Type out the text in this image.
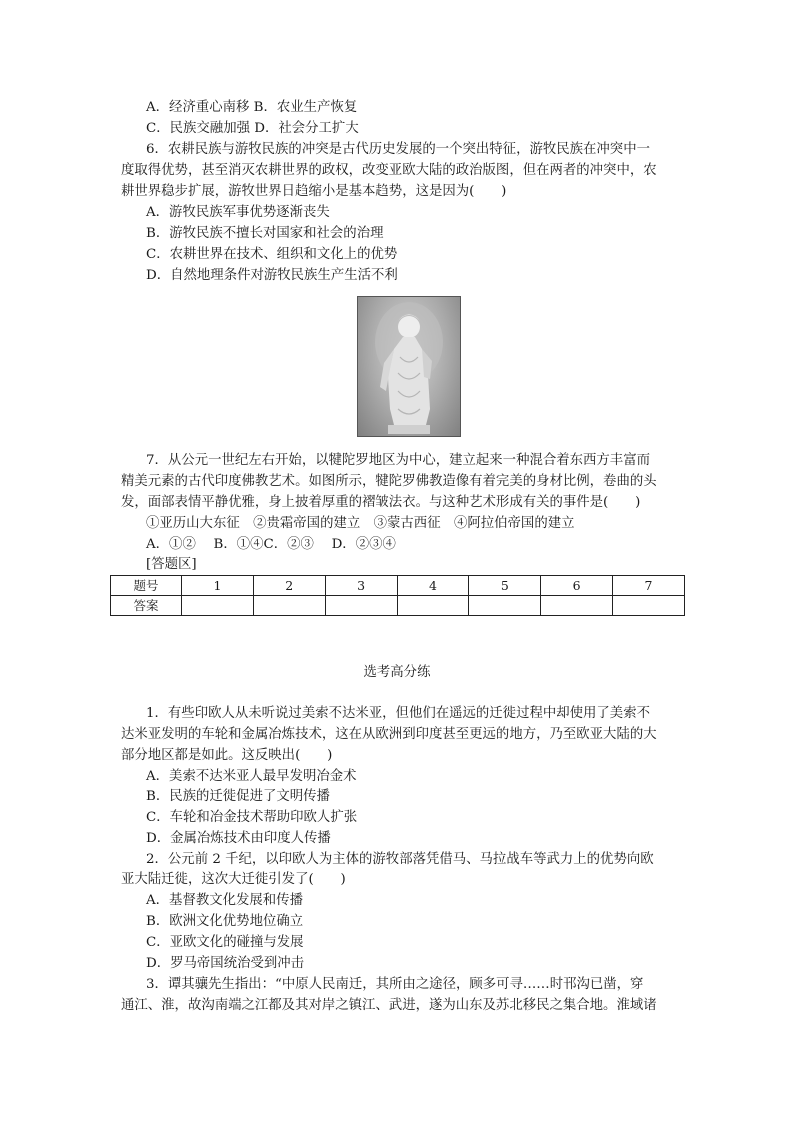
A．经济重心南移 B．农业生产恢复
C．民族交融加强 D．社会分工扩大
6．农耕民族与游牧民族的冲突是古代历史发展的一个突出特征，游牧民族在冲突中一
度取得优势，甚至消灭农耕世界的政权，改变亚欧大陆的政治版图，但在两者的冲突中，农
耕世界稳步扩展，游牧世界日趋缩小是基本趋势，这是因为(　　)
A．游牧民族军事优势逐渐丧失
B．游牧民族不擅长对国家和社会的治理
C．农耕世界在技术、组织和文化上的优势
D．自然地理条件对游牧民族生产生活不利
7．从公元一世纪左右开始，以犍陀罗地区为中心，建立起来一种混合着东西方丰富而
精美元素的古代印度佛教艺术。如图所示，犍陀罗佛教造像有着完美的身材比例，卷曲的头
发，面部表情平静优雅，身上披着厚重的褶皱法衣。与这种艺术形成有关的事件是(　　)
①亚历山大东征　②贵霜帝国的建立　③蒙古西征　④阿拉伯帝国的建立
A．①②　 B．①④C．②③　 D．②③④
[答题区]
题号	1	2	3	4	5	6	7
答案							
选考高分练
1．有些印欧人从未听说过美索不达米亚，但他们在遥远的迁徙过程中却使用了美索不
达米亚发明的车轮和金属冶炼技术，这在从欧洲到印度甚至更远的地方，乃至欧亚大陆的大
部分地区都是如此。这反映出(　　)
A．美索不达米亚人最早发明冶金术
B．民族的迁徙促进了文明传播
C．车轮和冶金技术帮助印欧人扩张
D．金属冶炼技术由印度人传播
2．公元前 2 千纪，以印欧人为主体的游牧部落凭借马、马拉战车等武力上的优势向欧
亚大陆迁徙，这次大迁徙引发了(　　)
A．基督教文化发展和传播
B．欧洲文化优势地位确立
C．亚欧文化的碰撞与发展
D．罗马帝国统治受到冲击
3．谭其骧先生指出：“中原人民南迁，其所由之途径，顾多可寻……时邗沟已凿，穿
通江、淮，故沟南端之江都及其对岸之镇江、武进，遂为山东及苏北移民之集合地。淮域诸
